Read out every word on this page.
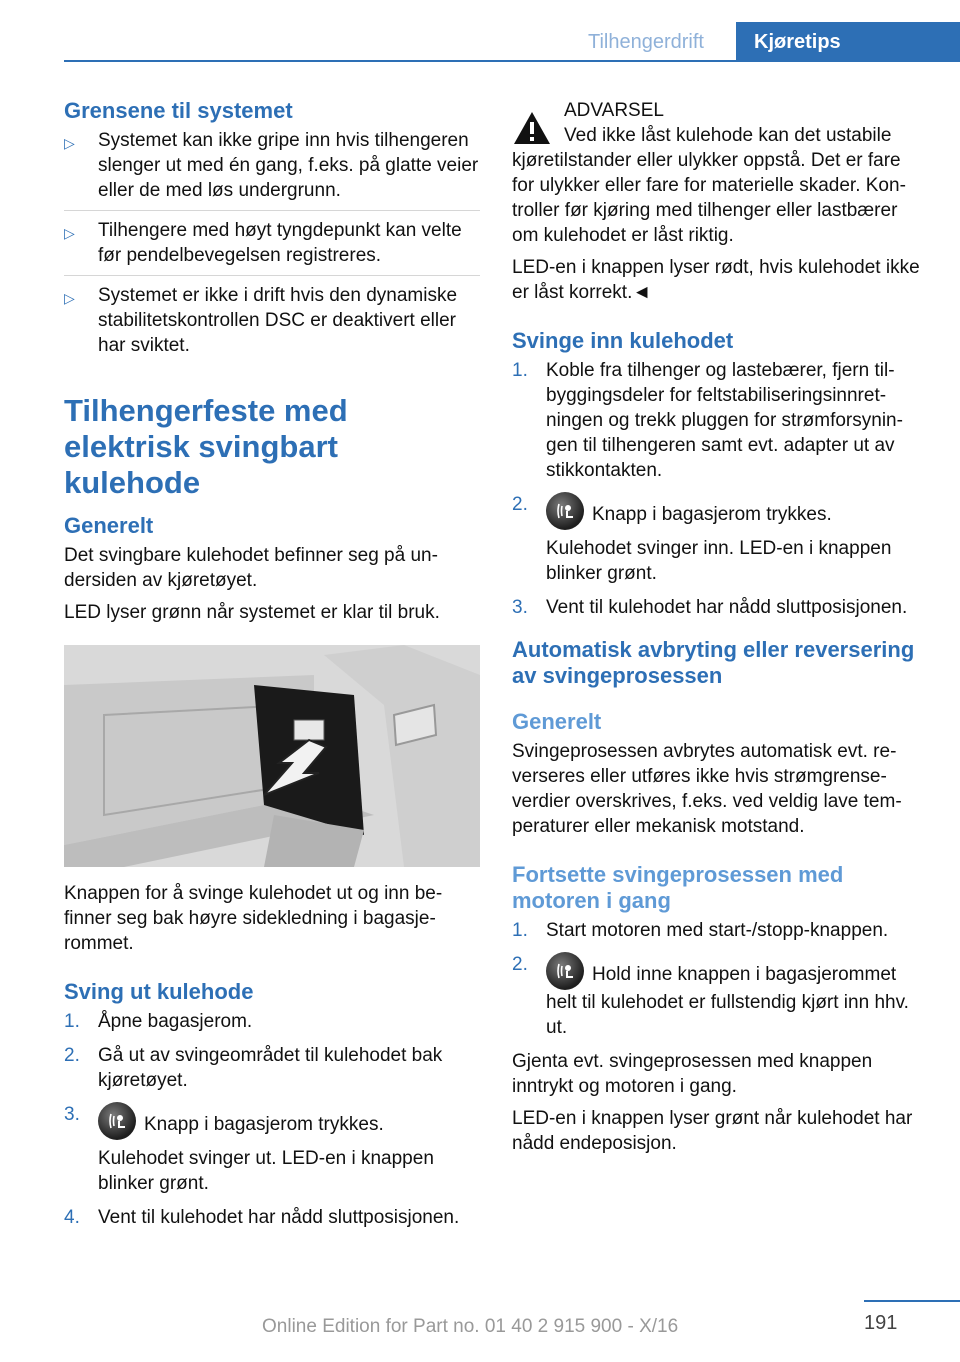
Tilhengerdrift	Kjøretips
Grensene til systemet
▷ Systemet kan ikke gripe inn hvis tilhengeren slenger ut med én gang, f.eks. på glatte veier eller de med løs undergrunn.
▷ Tilhengere med høyt tyngdepunkt kan velte før pendelbevegelsen registreres.
▷ Systemet er ikke i drift hvis den dynamiske stabilitetskontrollen DSC er deaktivert eller har sviktet.
Tilhengerfeste med elektrisk svingbart kulehode
Generelt

Det svingbare kulehodet befinner seg på undersiden av kjøretøyet.

LED lyser grønn når systemet er klar til bruk.

Knappen for å svinge kulehodet ut og inn befinner seg bak høyre sidekledning i bagasjerommet.

Sving ut kulehode
1. Åpne bagasjerom.
2. Gå ut av svingeområdet til kulehodet bak kjøretøyet.
3.	Knapp i bagasjerom trykkes.
Kulehodet svinger ut. LED-en i knappen blinker grønt.
4. Vent til kulehodet har nådd sluttposisjonen.

ADVARSEL

Ved ikke låst kulehode kan det ustabile kjøretilstander eller ulykker oppstå. Det er fare for ulykker eller fare for materielle skader. Kontroller før kjøring med tilhenger eller lastbærer om kulehodet er låst riktig.

LED-en i knappen lyser rødt, hvis kulehodet ikke er låst korrekt.◄

Svinge inn kulehodet
1. Koble fra tilhenger og lastebærer, fjern tilbyggingsdeler for feltstabiliseringsinnretningen og trekk pluggen for strømforsyningen til tilhengeren samt evt. adapter ut av stikkontakten.
2.	Knapp i bagasjerom trykkes.
Kulehodet svinger inn. LED-en i knappen blinker grønt.
3. Vent til kulehodet har nådd sluttposisjonen.
Automatisk avbryting eller reversering av svingeprosessen
Generelt

Svingeprosessen avbrytes automatisk evt. reverseres eller utføres ikke hvis strømgrenseverdier overskrives, f.eks. ved veldig lave temperaturer eller mekanisk motstand.

Fortsette svingeprosessen med motoren i gang
1. Start motoren med start-/stopp-knappen.
2.	Hold inne knappen i bagasjerommet helt til kulehodet er fullstendig kjørt inn hhv. ut.

Gjenta evt. svingeprosessen med knappen inntrykt og motoren i gang.

LED-en i knappen lyser grønt når kulehodet har nådd endeposisjon.

Online Edition for Part no. 01 40 2 915 900 - X/16	191
